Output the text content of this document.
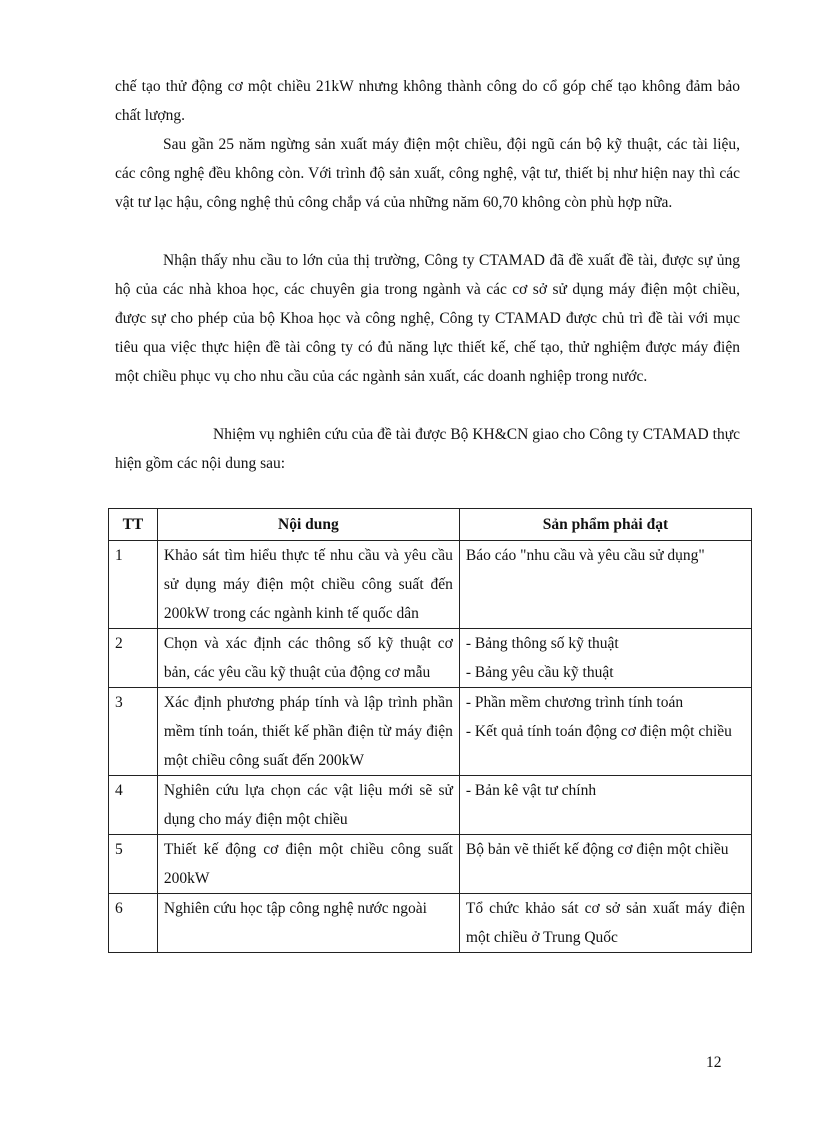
chế tạo thử động cơ một chiều 21kW nhưng không thành công do cổ góp chế tạo không đảm bảo chất lượng.

Sau gần 25 năm ngừng sản xuất máy điện một chiều, đội ngũ cán bộ kỹ thuật, các tài liệu, các công nghệ đều không còn. Với trình độ sản xuất, công nghệ, vật tư, thiết bị như hiện nay thì các vật tư lạc hậu, công nghệ thủ công chắp vá của những năm 60,70 không còn phù hợp nữa.

Nhận thấy nhu cầu to lớn của thị trường, Công ty CTAMAD đã đề xuất đề tài, được sự ủng hộ của các nhà khoa học, các chuyên gia trong ngành và các cơ sở sử dụng máy điện một chiều, được sự cho phép của bộ Khoa học và công nghệ, Công ty CTAMAD được chủ trì đề tài với mục tiêu qua việc thực hiện đề tài công ty có đủ năng lực thiết kế, chế tạo, thử nghiệm được máy điện một chiều phục vụ cho nhu cầu của các ngành sản xuất, các doanh nghiệp trong nước.

Nhiệm vụ nghiên cứu của đề tài được Bộ KH&CN giao cho Công ty CTAMAD thực hiện gồm các nội dung sau:

TT	Nội dung	Sản phẩm phải đạt
1	Khảo sát tìm hiểu thực tế nhu cầu và yêu cầu sử dụng máy điện một chiều công suất đến 200kW trong các ngành kinh tế quốc dân	Báo cáo "nhu cầu và yêu cầu sử dụng"

2	Chọn và xác định các thông số kỹ thuật cơ bản, các yêu cầu kỹ thuật của động cơ mẫu	- Bảng thông số kỹ thuật
- Bảng yêu cầu kỹ thuật

3	Xác định phương pháp tính và lập trình phần mềm tính toán, thiết kế phần điện từ máy điện một chiều công suất đến 200kW	- Phần mềm chương trình tính toán
- Kết quả tính toán động cơ điện một chiều

4	Nghiên cứu lựa chọn các vật liệu mới sẽ sử dụng cho máy điện một chiều	- Bản kê vật tư chính

5	Thiết kế động cơ điện một chiều công suất 200kW	Bộ bản vẽ thiết kế động cơ điện một chiều

6	Nghiên cứu học tập công nghệ nước ngoài	Tổ chức khảo sát cơ sở sản xuất máy điện một chiều ở Trung Quốc
12
